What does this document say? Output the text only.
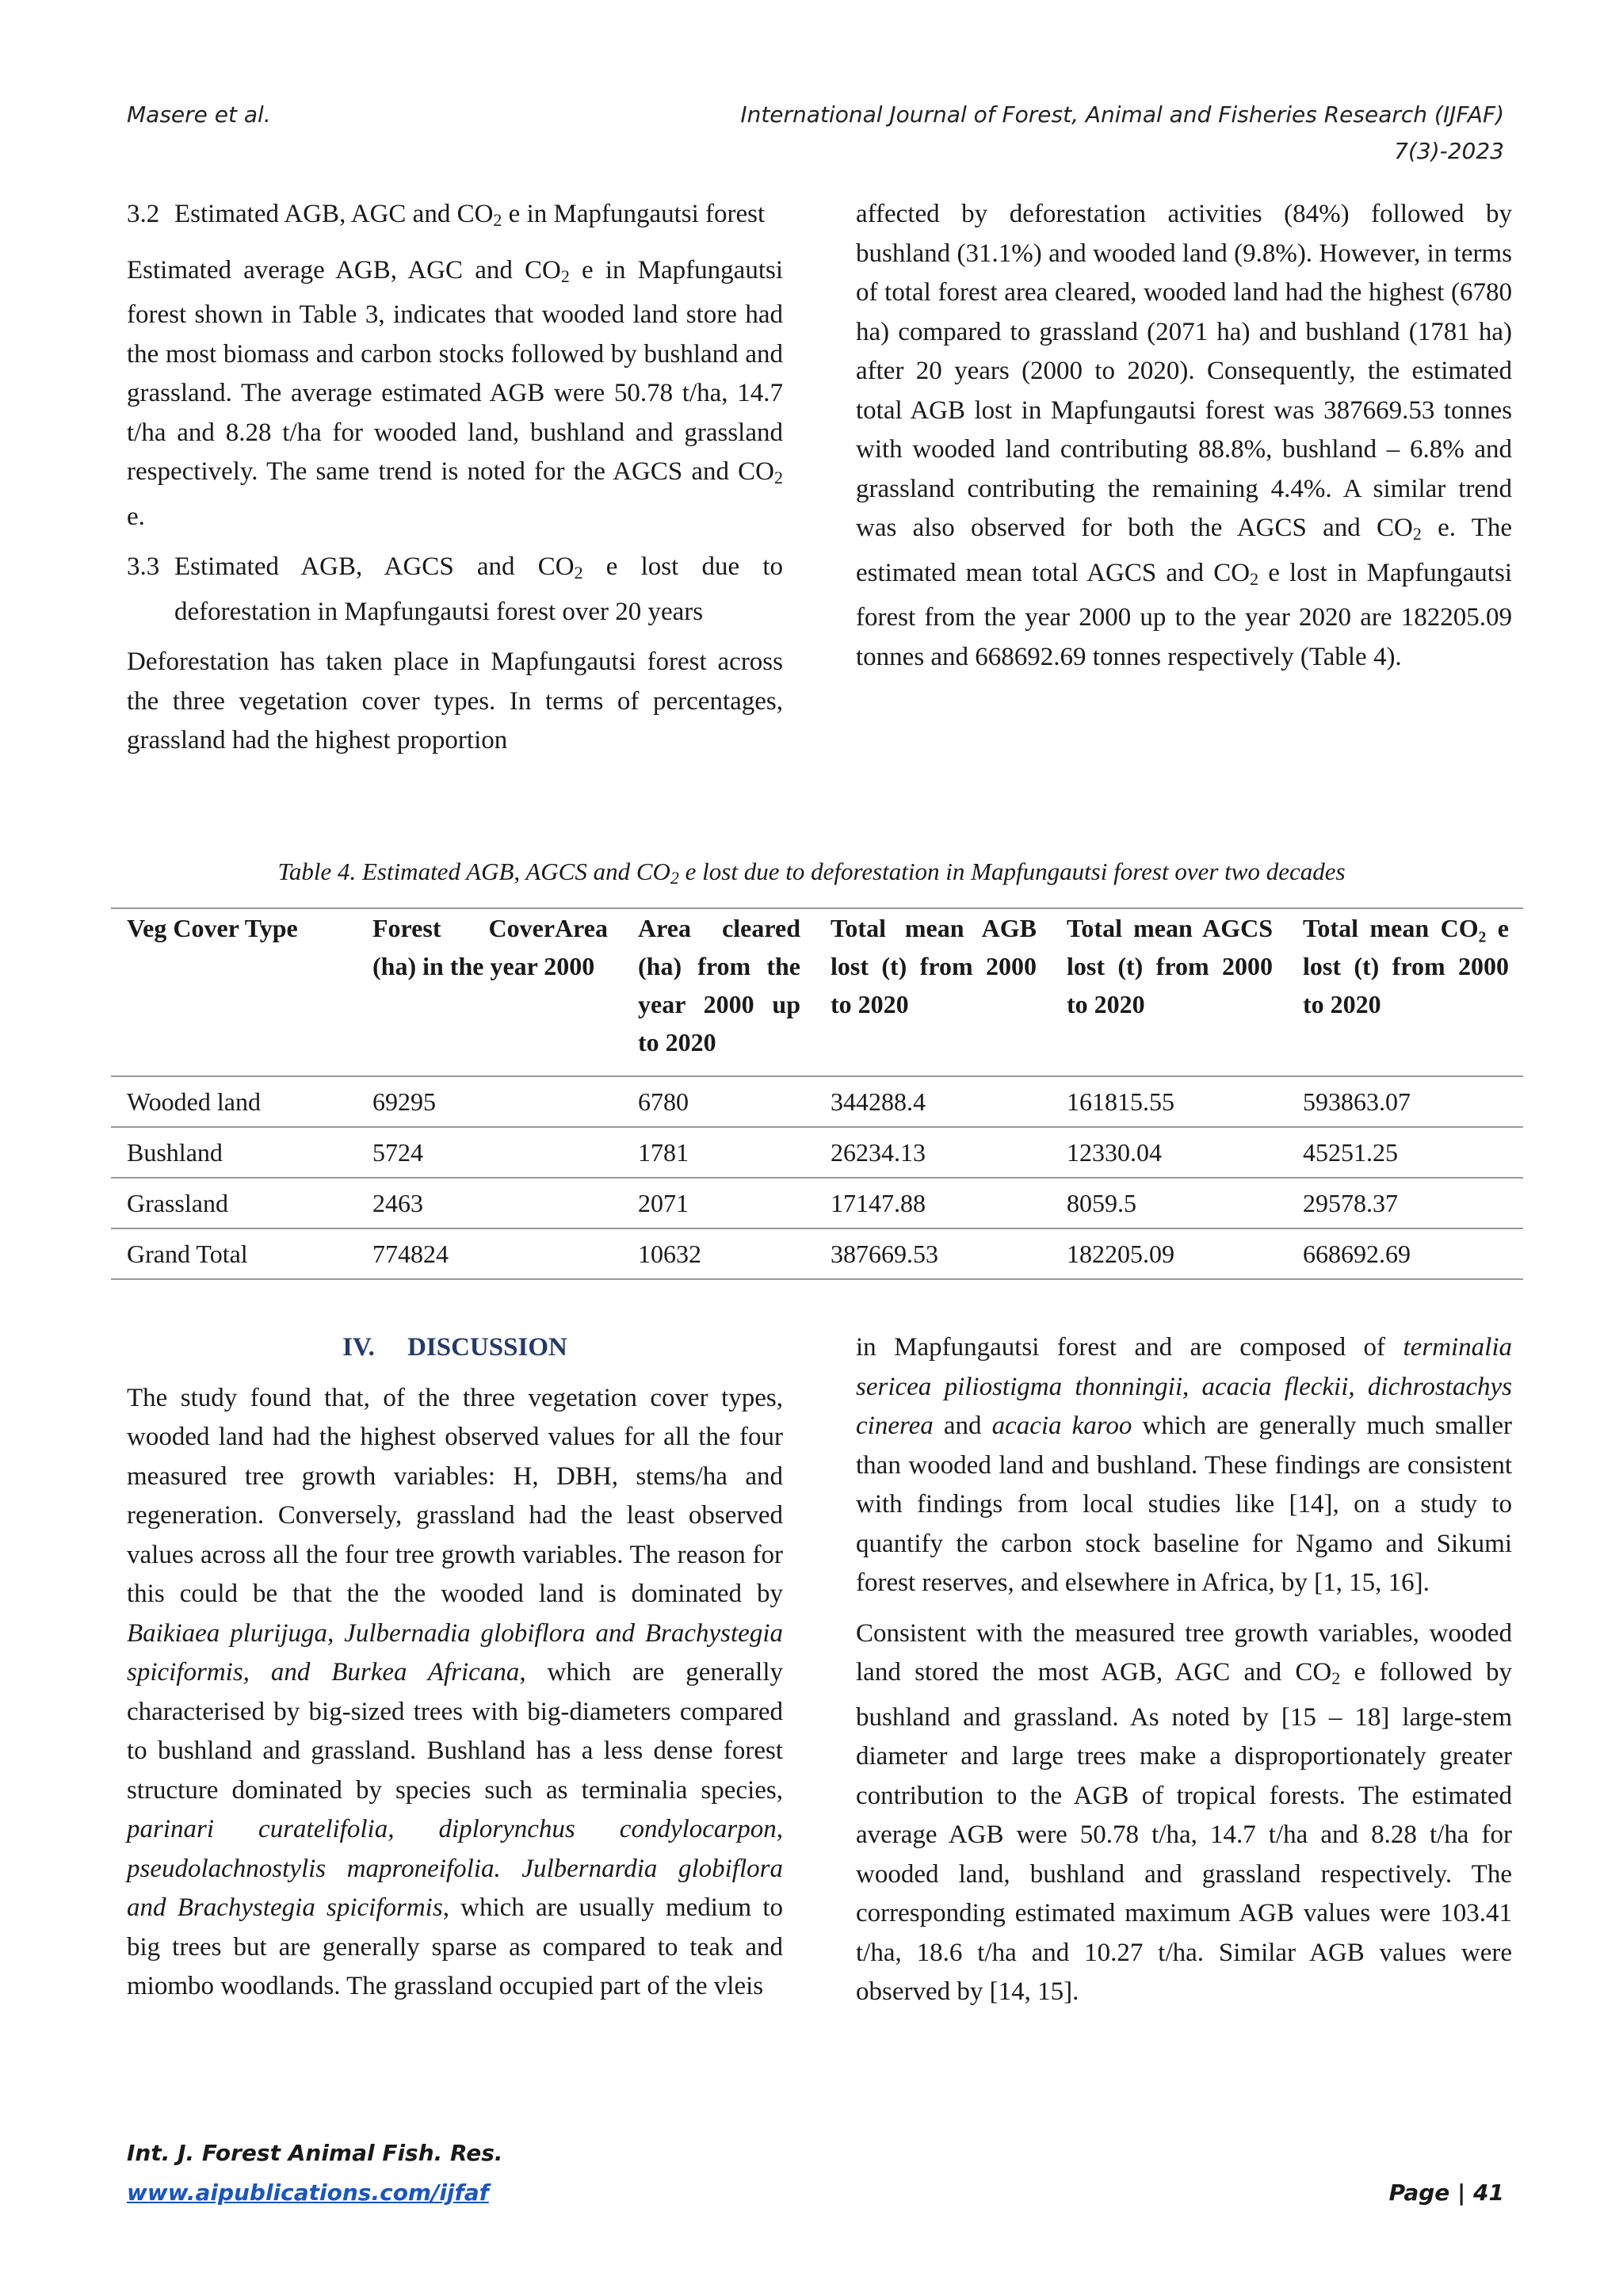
Masere et al.	International Journal of Forest, Animal and Fisheries Research (IJFAF)
7(3)-2023
3.2 Estimated AGB, AGC and $CO_2$ e in Mapfungautsi forest

Estimated average AGB, AGC and $CO_2$ e in Mapfungautsi forest shown in Table 3, indicates that wooded land store had the most biomass and carbon stocks followed by bushland and grassland. The average estimated AGB were 50.78 t/ha, 14.7 t/ha and 8.28 t/ha for wooded land, bushland and grassland respectively. The same trend is noted for the AGCS and $CO_2$ e.

3.3 Estimated AGB, AGCS and $CO_2$ e lost due to deforestation in Mapfungautsi forest over 20 years

Deforestation has taken place in Mapfungautsi forest across the three vegetation cover types. In terms of percentages, grassland had the highest proportion

affected by deforestation activities (84%) followed by bushland (31.1%) and wooded land (9.8%). However, in terms of total forest area cleared, wooded land had the highest (6780 ha) compared to grassland (2071 ha) and bushland (1781 ha) after 20 years (2000 to 2020). Consequently, the estimated total AGB lost in Mapfungautsi forest was 387669.53 tonnes with wooded land contributing 88.8%, bushland – 6.8% and grassland contributing the remaining 4.4%. A similar trend was also observed for both the AGCS and $CO_2$ e. The estimated mean total AGCS and $CO_2$ e lost in Mapfungautsi forest from the year 2000 up to the year 2020 are 182205.09 tonnes and 668692.69 tonnes respectively (Table 4).

Table 4. Estimated AGB, AGCS and $CO_2$ e lost due to deforestation in Mapfungautsi forest over two decades
Veg Cover Type	Forest CoverArea (ha) in the year 2000	Area cleared (ha) from the year 2000 up to 2020	Total mean AGB lost (t) from 2000 to 2020	Total mean AGCS lost (t) from 2000 to 2020	Total mean CO₂ e lost (t) from 2000 to 2020
Wooded land	69295	6780	344288.4	161815.55	593863.07
Bushland	5724	1781	26234.13	12330.04	45251.25
Grassland	2463	2071	17147.88	8059.5	29578.37
Grand Total	774824	10632	387669.53	182205.09	668692.69
IV.     DISCUSSION

The study found that, of the three vegetation cover types, wooded land had the highest observed values for all the four measured tree growth variables: H, DBH, stems/ha and regeneration. Conversely, grassland had the least observed values across all the four tree growth variables. The reason for this could be that the the wooded land is dominated by Baikiaea plurijuga, Julbernadia globiflora and Brachystegia spiciformis, and Burkea Africana, which are generally characterised by big-sized trees with big-diameters compared to bushland and grassland. Bushland has a less dense forest structure dominated by species such as terminalia species, parinari curatelifolia, diplorynchus condylocarpon, pseudolachnostylis maproneifolia. Julbernardia globiflora and Brachystegia spiciformis, which are usually medium to big trees but are generally sparse as compared to teak and miombo woodlands. The grassland occupied part of the vleis

in Mapfungautsi forest and are composed of terminalia sericea piliostigma thonningii, acacia fleckii, dichrostachys cinerea and acacia karoo which are generally much smaller than wooded land and bushland. These findings are consistent with findings from local studies like [14], on a study to quantify the carbon stock baseline for Ngamo and Sikumi forest reserves, and elsewhere in Africa, by [1, 15, 16].

Consistent with the measured tree growth variables, wooded land stored the most AGB, AGC and $CO_2$ e followed by bushland and grassland. As noted by [15 – 18] large-stem diameter and large trees make a disproportionately greater contribution to the AGB of tropical forests. The estimated average AGB were 50.78 t/ha, 14.7 t/ha and 8.28 t/ha for wooded land, bushland and grassland respectively. The corresponding estimated maximum AGB values were 103.41 t/ha, 18.6 t/ha and 10.27 t/ha. Similar AGB values were observed by [14, 15].

Int. J. Forest Animal Fish. Res.
www.aipublications.com/ijfaf	Page | 41
